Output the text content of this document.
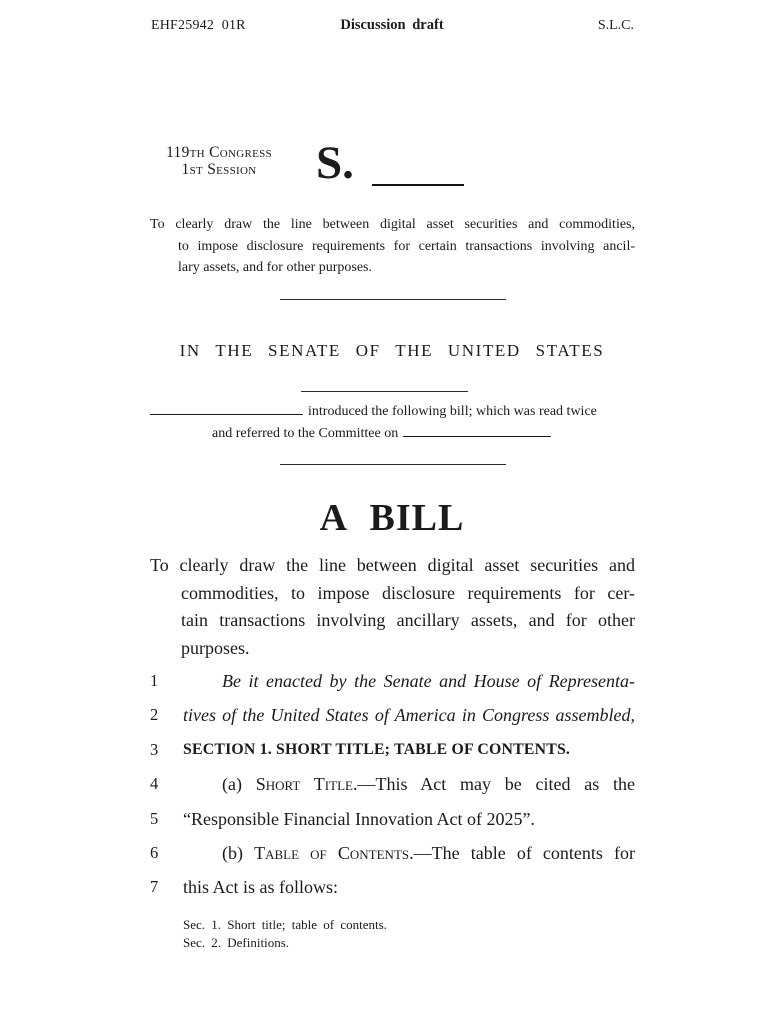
EHF25942 01R	Discussion draft	S.L.C.
119th Congress
1st Session	S.
To clearly draw the line between digital asset securities and commodities,
to impose disclosure requirements for certain transactions involving ancil-
lary assets, and for other purposes.
IN THE SENATE OF THE UNITED STATES
introduced the following bill; which was read twice
and referred to the Committee on
A BILL
To clearly draw the line between digital asset securities and
commodities, to impose disclosure requirements for cer-
tain transactions involving ancillary assets, and for other
purposes.
1	Be it enacted by the Senate and House of Representa-
2	tives of the United States of America in Congress assembled,
3	SECTION 1. SHORT TITLE; TABLE OF CONTENTS.
4	(a) Short Title.—This Act may be cited as the
5	“Responsible Financial Innovation Act of 2025”.
6	(b) Table of Contents.—The table of contents for
7	this Act is as follows:
Sec. 1. Short title; table of contents.
Sec. 2. Definitions.
